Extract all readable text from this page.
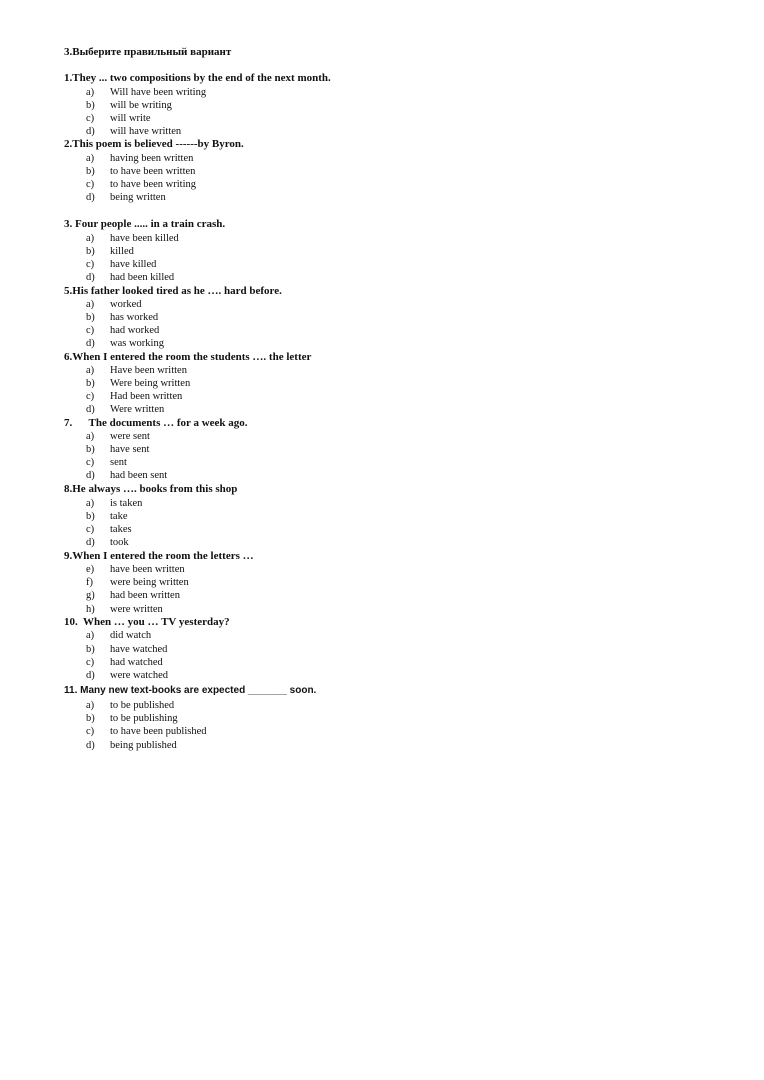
3.Выберите правильный вариант
1.They ... two compositions by the end of the next month.
a) Will have been writing
b) will be writing
c) will write
d) will have written
2.This poem is believed ------by Byron.
a) having been written
b) to have been written
c) to have been writing
d) being written
3. Four people ..... in a train crash.
a) have been killed
b) killed
c) have killed
d) had been killed
5.His father looked tired as he …. hard before.
a) worked
b) has worked
c) had worked
d) was working
6.When I entered the room the students …. the letter
a) Have been written
b) Were being written
c) Had been written
d) Were written
7.      The documents … for a week ago.
a) were sent
b) have sent
c) sent
d) had been sent
8.He always …. books from this shop
a) is taken
b) take
c) takes
d) took
9.When I entered the room the letters …
e) have been written
f) were being written
g) had been written
h) were written
10.  When … you … TV yesterday?
a) did watch
b) have watched
c) had watched
d) were watched
11. Many new text-books are expected _______ soon.
a) to be published
b) to be publishing
c) to have been published
d) being published
